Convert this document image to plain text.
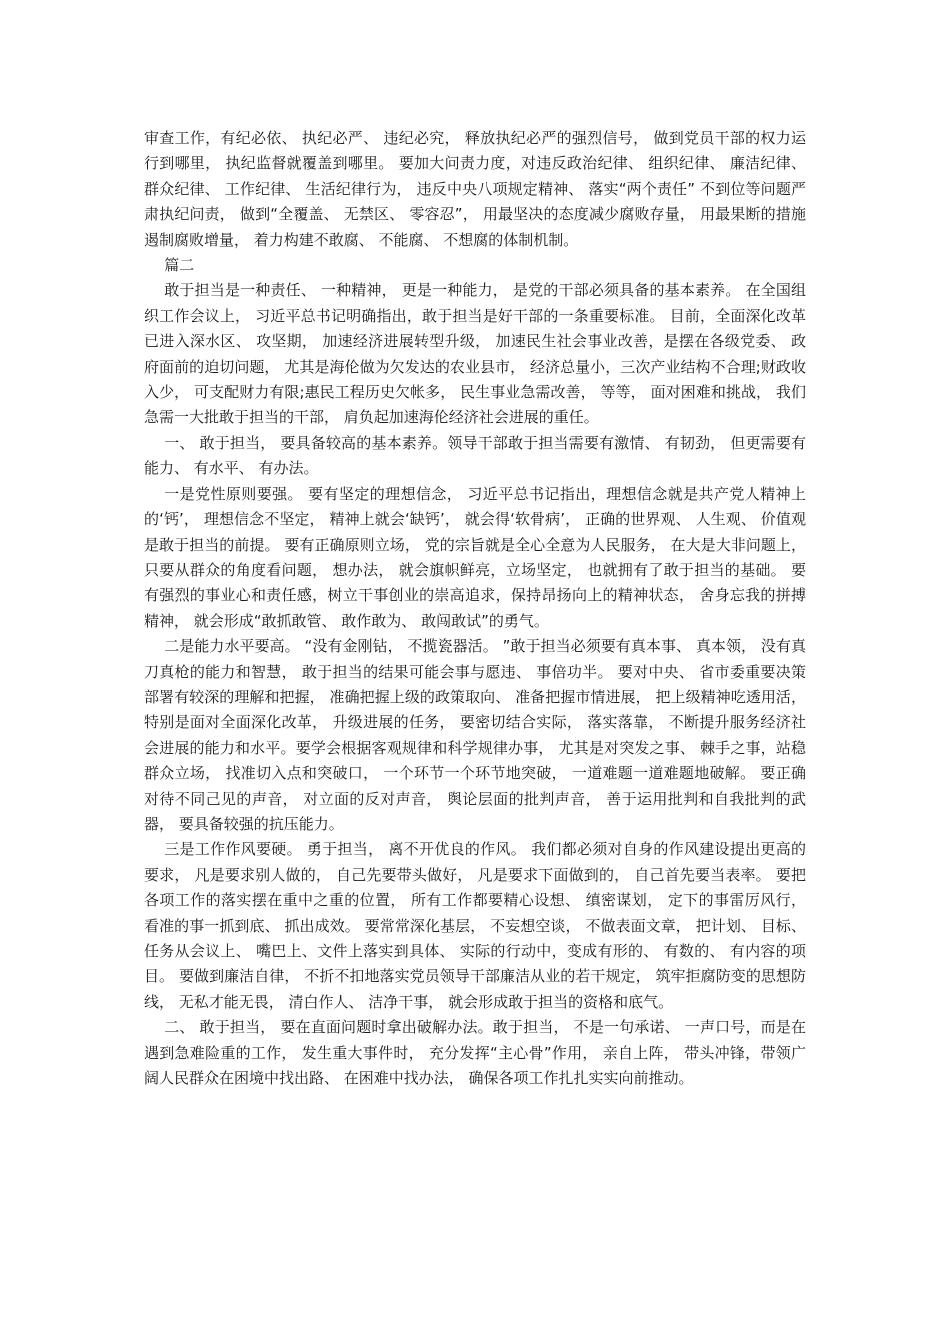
审查工作，有纪必依、 执纪必严、 违纪必究， 释放执纪必严的强烈信号， 做到党员干部的权力运行到哪里， 执纪监督就覆盖到哪里。 要加大问责力度，对违反政治纪律、 组织纪律、 廉洁纪律、 群众纪律、 工作纪律、 生活纪律行为， 违反中央八项规定精神、 落实“两个责任” 不到位等问题严肃执纪问责， 做到“全覆盖、 无禁区、 零容忍”， 用最坚决的态度减少腐败存量， 用最果断的措施遏制腐败增量， 着力构建不敢腐、 不能腐、 不想腐的体制机制。

篇二

敢于担当是一种责任、 一种精神， 更是一种能力， 是党的干部必须具备的基本素养。 在全国组织工作会议上， 习近平总书记明确指出，敢于担当是好干部的一条重要标准。 目前，全面深化改革已进入深水区、 攻坚期， 加速经济进展转型升级， 加速民生社会事业改善，是摆在各级党委、 政府面前的迫切问题， 尤其是海伦做为欠发达的农业县市， 经济总量小，三次产业结构不合理;财政收入少， 可支配财力有限;惠民工程历史欠帐多， 民生事业急需改善， 等等， 面对困难和挑战， 我们急需一大批敢于担当的干部， 肩负起加速海伦经济社会进展的重任。

一、 敢于担当， 要具备较高的基本素养。领导干部敢于担当需要有激情、 有韧劲， 但更需要有能力、 有水平、 有办法。

一是党性原则要强。 要有坚定的理想信念， 习近平总书记指出，理想信念就是共产党人精神上的‘钙’， 理想信念不坚定， 精神上就会‘缺钙’， 就会得‘软骨病’， 正确的世界观、 人生观、 价值观是敢于担当的前提。 要有正确原则立场， 党的宗旨就是全心全意为人民服务， 在大是大非问题上， 只要从群众的角度看问题， 想办法， 就会旗帜鲜亮，立场坚定， 也就拥有了敢于担当的基础。 要有强烈的事业心和责任感，树立干事创业的崇高追求，保持昂扬向上的精神状态， 舍身忘我的拼搏精神， 就会形成“敢抓敢管、 敢作敢为、 敢闯敢试”的勇气。

二是能力水平要高。 “没有金刚钻， 不揽瓷器活。 ”敢于担当必须要有真本事、 真本领， 没有真刀真枪的能力和智慧， 敢于担当的结果可能会事与愿违、 事倍功半。 要对中央、 省市委重要决策部署有较深的理解和把握， 准确把握上级的政策取向、 准备把握市情进展， 把上级精神吃透用活， 特别是面对全面深化改革， 升级进展的任务， 要密切结合实际， 落实落靠， 不断提升服务经济社会进展的能力和水平。要学会根据客观规律和科学规律办事， 尤其是对突发之事、 棘手之事，站稳群众立场， 找准切入点和突破口， 一个环节一个环节地突破， 一道难题一道难题地破解。 要正确对待不同己见的声音， 对立面的反对声音， 舆论层面的批判声音， 善于运用批判和自我批判的武器， 要具备较强的抗压能力。

三是工作作风要硬。 勇于担当， 离不开优良的作风。 我们都必须对自身的作风建设提出更高的要求， 凡是要求别人做的， 自己先要带头做好， 凡是要求下面做到的， 自己首先要当表率。 要把各项工作的落实摆在重中之重的位置， 所有工作都要精心设想、 缜密谋划， 定下的事雷厉风行， 看准的事一抓到底、 抓出成效。 要常常深化基层， 不妄想空谈， 不做表面文章， 把计划、 目标、 任务从会议上、 嘴巴上、文件上落实到具体、 实际的行动中，变成有形的、 有数的、 有内容的项目。 要做到廉洁自律， 不折不扣地落实党员领导干部廉洁从业的若干规定， 筑牢拒腐防变的思想防线， 无私才能无畏， 清白作人、 洁净干事， 就会形成敢于担当的资格和底气。

二、 敢于担当， 要在直面问题时拿出破解办法。敢于担当， 不是一句承诺、 一声口号，而是在遇到急难险重的工作， 发生重大事件时， 充分发挥“主心骨”作用， 亲自上阵， 带头冲锋，带领广阔人民群众在困境中找出路、 在困难中找办法， 确保各项工作扎扎实实向前推动。
